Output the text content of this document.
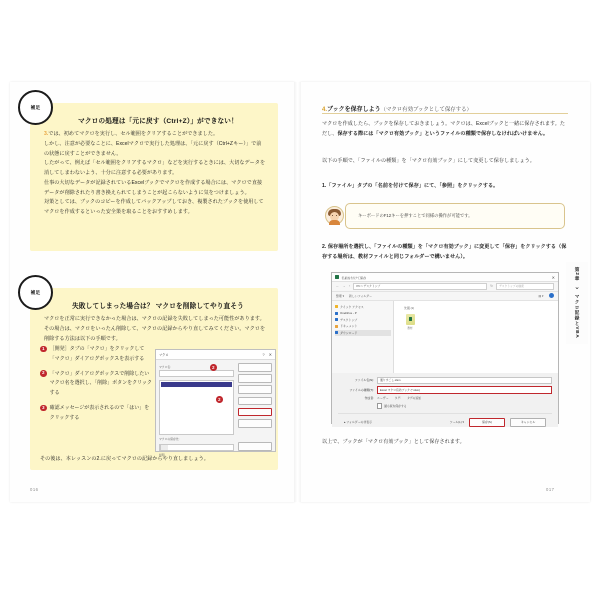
補足
マクロの処理は「元に戻す（Ctrl+Z）」ができない！

3.では、初めてマクロを実行し、セル範囲をクリアすることができました。

しかし、注意が必要なことに、Excelマクロで実行した処理は、「元に戻す（Ctrl+Zキー）」で前の状態に戻すことができません。

したがって、例えば「セル範囲をクリアするマクロ」などを実行するときには、大切なデータを消してしまわないよう、十分に注意する必要があります。

仕事の大切なデータが記録されているExcelブックでマクロを作成する場合には、マクロで直接データが削除されたり書き換えられてしまうことが起こらないように気をつけましょう。

対策としては、ブックのコピーを作成してバックアップしておき、複製されたブックを使用してマクロを作成するといった安全策を取ることをおすすめします。

補足
失敗してしまった場合は？ マクロを削除してやり直そう

マクロを正常に実行できなかった場合は、マクロの記録を失敗してしまった可能性があります。その場合は、マクロをいったん削除して、マクロの記録からやり直してみてください。マクロを削除する方法は以下の手順です。

1	［開発］タブの「マクロ」をクリックして「マクロ」ダイアログボックスを表示する
2	「マクロ」ダイアログボックスで削除したいマクロ名を選択し、「削除」ボタンをクリックする
3	確認メッセージが表示されるので「はい」をクリックする
その後は、本レッスンの2.に戻ってマクロの記録からやり直しましょう。
マクロ	? ✕
マクロ名:
マクロの保存先:
説明
2
2
016
4.ブックを保存しよう（マクロ有効ブックとして保存する）
マクロを作成したら、ブックを保存しておきましょう。マクロは、Excelブックと一緒に保存されます。ただし、保存する際には「マクロ有効ブック」というファイルの種類で保存しなければいけません。
以下の手順で、「ファイルの種類」を「マクロ有効ブック」にして変更して保存しましょう。
1.「ファイル」タブの「名前を付けて保存」にて、「参照」をクリックする。
キーボードのF12キーを押すことで同様の操作が可能です。
2. 保存場所を選択し、「ファイルの種類」を「マクロ有効ブック」に変更して「保存」をクリックする（保存する場所は、教材ファイルと同じフォルダーで構いません）。
名前を付けて保存	✕
← → ↑	PC > デスクトップ	↻	デスクトップの検索
整理 ▾ 新しいフォルダー	▤ ▾
クイック アクセス
OneDrive - P
デスクトップ
ドキュメント
ダウンロード
先週 (1)
教材
ファイル名(N):	通りすごし.xlsm
ファイルの種類(T):	Excel マクロ有効ブック (*.xlsm)
作成者:	ユーザー タグ: タグの追加
縮小版を保存する
▴ フォルダーの非表示	ツール(L) ▾	保存(S)	キャンセル
以上で、ブックが「マクロ有効ブック」として保存されます。
第2章
⌄
マクロ記録とVBA
017
